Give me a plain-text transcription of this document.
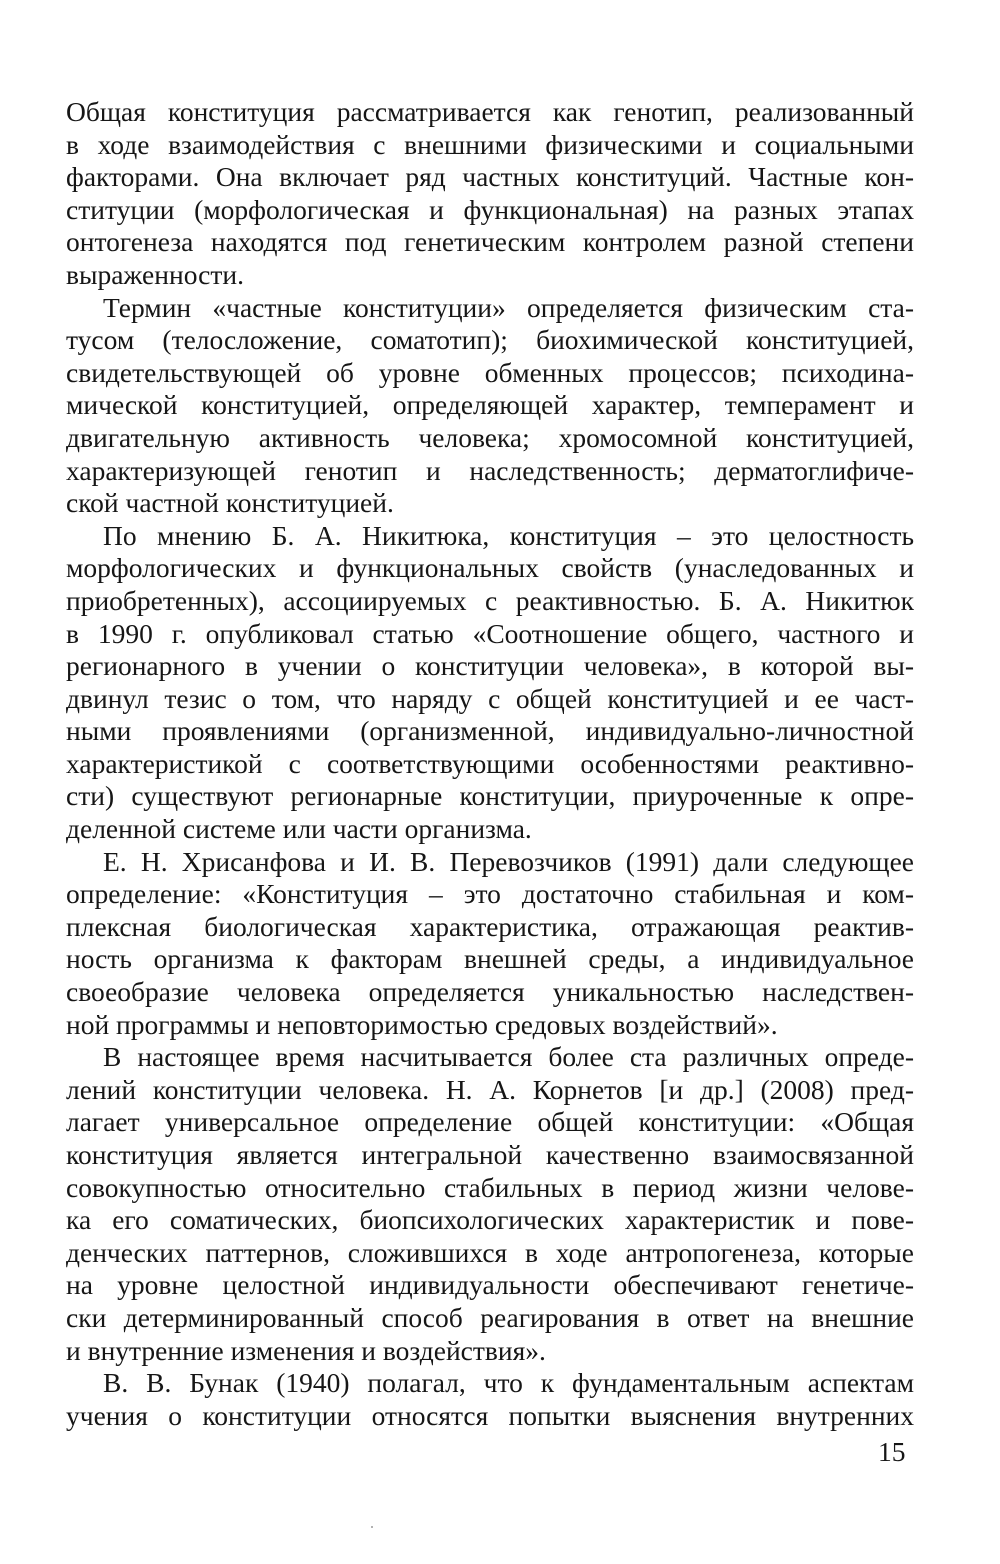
Общая конституция рассматривается как генотип, реализованный
в ходе взаимодействия с внешними физическими и социальными
факторами. Она включает ряд частных конституций. Частные кон-
ституции (морфологическая и функциональная) на разных этапах
онтогенеза находятся под генетическим контролем разной степени
выраженности.
Термин «частные конституции» определяется физическим ста-
тусом (телосложение, соматотип); биохимической конституцией,
свидетельствующей об уровне обменных процессов; психодина-
мической конституцией, определяющей характер, темперамент и
двигательную активность человека; хромосомной конституцией,
характеризующей генотип и наследственность; дерматоглифиче-
ской частной конституцией.
По мнению Б. А. Никитюка, конституция – это целостность
морфологических и функциональных свойств (унаследованных и
приобретенных), ассоциируемых с реактивностью. Б. А. Никитюк
в 1990 г. опубликовал статью «Соотношение общего, частного и
регионарного в учении о конституции человека», в которой вы-
двинул тезис о том, что наряду с общей конституцией и ее част-
ными проявлениями (организменной, индивидуально-личностной
характеристикой с соответствующими особенностями реактивно-
сти) существуют регионарные конституции, приуроченные к опре-
деленной системе или части организма.
Е. Н. Хрисанфова и И. В. Перевозчиков (1991) дали следующее
определение: «Конституция – это достаточно стабильная и ком-
плексная биологическая характеристика, отражающая реактив-
ность организма к факторам внешней среды, а индивидуальное
своеобразие человека определяется уникальностью наследствен-
ной программы и неповторимостью средовых воздействий».
В настоящее время насчитывается более ста различных опреде-
лений конституции человека. Н. А. Корнетов [и др.] (2008) пред-
лагает универсальное определение общей конституции: «Общая
конституция является интегральной качественно взаимосвязанной
совокупностью относительно стабильных в период жизни челове-
ка его соматических, биопсихологических характеристик и пове-
денческих паттернов, сложившихся в ходе антропогенеза, которые
на уровне целостной индивидуальности обеспечивают генетиче-
ски детерминированный способ реагирования в ответ на внешние
и внутренние изменения и воздействия».
В. В. Бунак (1940) полагал, что к фундаментальным аспектам
учения о конституции относятся попытки выяснения внутренних
15
